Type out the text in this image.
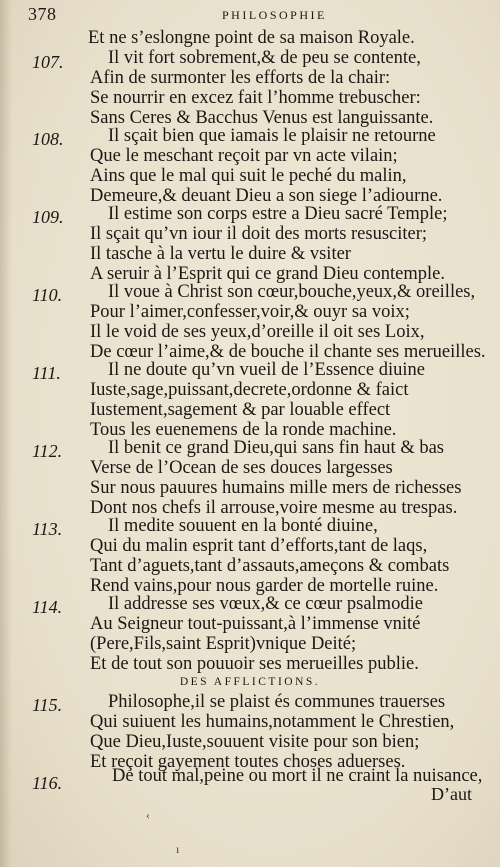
378	PHILOSOPHIE
Et ne s’eslongne point de sa maison Royale.
107. Il vit fort sobrement,& de peu se contente,
Afin de surmonter les efforts de la chair:
Se nourrir en excez fait l’homme trebuscher:
Sans Ceres & Bacchus Venus est languissante.
108. Il sçait bien que iamais le plaisir ne retourne
Que le meschant reçoit par vn acte vilain;
Ains que le mal qui suit le peché du malin,
Demeure,& deuant Dieu a son siege l’adiourne.
109. Il estime son corps estre a Dieu sacré Temple;
Il sçait qu’vn iour il doit des morts resusciter;
Il tasche à la vertu le duire & vsiter
A seruir à l’Esprit qui ce grand Dieu contemple.
110. Il voue à Christ son cœur,bouche,yeux,& oreilles,
Pour l’aimer,confesser,voir,& ouyr sa voix;
Il le void de ses yeux,d’oreille il oit ses Loix,
De cœur l’aime,& de bouche il chante ses merueilles.
111.	Il ne doute qu’vn vueil de l’Essence diuine
Iuste,sage,puissant,decrete,ordonne & faict
Iustement,sagement & par louable effect
Tous les euenemens de la ronde machine.
112. Il benit ce grand Dieu,qui sans fin haut & bas
Verse de l’Ocean de ses douces largesses
Sur nous pauures humains mille mers de richesses
Dont nos chefs il arrouse,voire mesme au trespas.
113. Il medite souuent en la bonté diuine,
Qui du malin esprit tant d’efforts,tant de laqs,
Tant d’aguets,tant d’assauts,ameçons & combats
Rend vains,pour nous garder de mortelle ruine.
114. Il addresse ses vœux,& ce cœur psalmodie
Au Seigneur tout-puissant,à l’immense vnité
(Pere,Fils,saint Esprit)vnique Deité;
Et de tout son pouuoir ses merueilles publie.
DES AFFLICTIONS.
115. Philosophe,il se plaist és communes trauerses
Qui suiuent les humains,notamment le Chrestien,
Que Dieu,Iuste,souuent visite pour son bien;
Et reçoit gayement toutes choses aduerses.
116.	De tout mal,peine ou mort il ne craint la nuisance,
D’aut
‹
ı
